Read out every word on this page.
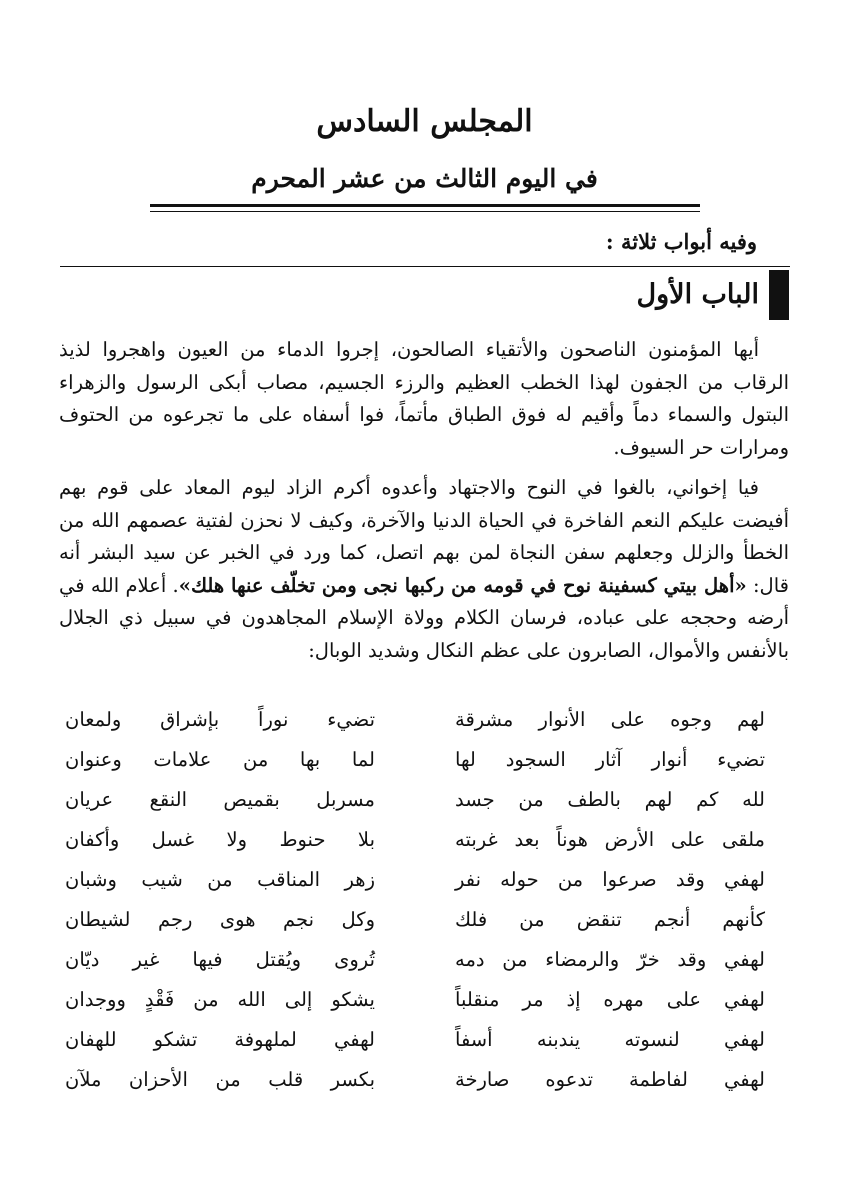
المجلس السادس
في اليوم الثالث من عشر المحرم
وفيه أبواب ثلاثة :
الباب الأول

أيها المؤمنون الناصحون والأتقياء الصالحون، إجروا الدماء من العيون واهجروا لذيذ الرقاب من الجفون لهذا الخطب العظيم والرزء الجسيم، مصاب أبكى الرسول والزهراء البتول والسماء دماً وأقيم له فوق الطباق مأتماً، فوا أسفاه على ما تجرعوه من الحتوف ومرارات حر السيوف.

فيا إخواني، بالغوا في النوح والاجتهاد وأعدوه أكرم الزاد ليوم المعاد على قوم بهم أفيضت عليكم النعم الفاخرة في الحياة الدنيا والآخرة، وكيف لا نحزن لفتية عصمهم الله من الخطأ والزلل وجعلهم سفن النجاة لمن بهم اتصل، كما ورد في الخبر عن سيد البشر أنه قال: «أهل بيتي كسفينة نوح في قومه من ركبها نجى ومن تخلّف عنها هلك». أعلام الله في أرضه وحججه على عباده، فرسان الكلام وولاة الإسلام المجاهدون في سبيل ذي الجلال بالأنفس والأموال، الصابرون على عظم النكال وشديد الوبال:

لهم وجوه على الأنوار مشرقة
تضيء نوراً بإشراق ولمعان
تضيء أنوار آثار السجود لها
لما بها من علامات وعنوان
لله كم لهم بالطف من جسد
مسربل بقميص النقع عريان
ملقى على الأرض هوناً بعد غربته
بلا حنوط ولا غسل وأكفان
لهفي وقد صرعوا من حوله نفر
زهر المناقب من شيب وشبان
كأنهم أنجم تنقض من فلك
وكل نجم هوى رجم لشيطان
لهفي وقد خرّ والرمضاء من دمه
تُروى ويُقتل فيها غير ديّان
لهفي على مهره إذ مر منقلباً
يشكو إلى الله من فَقْدٍ ووجدان
لهفي لنسوته يندبنه أسفاً
لهفي لملهوفة تشكو للهفان
لهفي لفاطمة تدعوه صارخة
بكسر قلب من الأحزان ملآن
